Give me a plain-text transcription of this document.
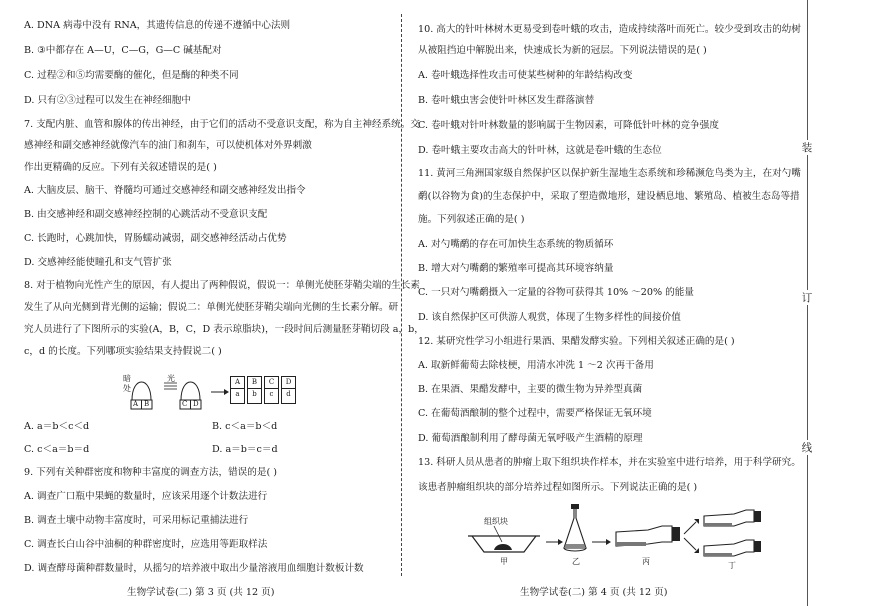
A. DNA 病毒中没有 RNA，其遗传信息的传递不遵循中心法则
B. ③中都存在 A—U，C—G，G—C 碱基配对
C. 过程②和⑤均需要酶的催化，但是酶的种类不同
D. 只有②③过程可以发生在神经细胞中
7. 支配内脏、血管和腺体的传出神经，由于它们的活动不受意识支配，称为自主神经系统。交
感神经和副交感神经就像汽车的油门和刹车，可以使机体对外界刺激
作出更精确的反应。下列有关叙述错误的是( )
A. 大脑皮层、脑干、脊髓均可通过交感神经和副交感神经发出指令
B. 由交感神经和副交感神经控制的心跳活动不受意识支配
C. 长跑时，心跳加快，胃肠蠕动减弱，副交感神经活动占优势
D. 交感神经能使瞳孔和支气管扩张
8. 对于植物向光性产生的原因，有人提出了两种假说，假说一：单侧光使胚芽鞘尖端的生长素
发生了从向光侧到背光侧的运输；假说二：单侧光使胚芽鞘尖端向光侧的生长素分解。研
究人员进行了下图所示的实验(A，B，C，D 表示琼脂块)，一段时间后测量胚芽鞘切段 a，b，
c，d 的长度。下列哪项实验结果支持假说二( )
暗
处
光
A B	C D
A
a
B
b
C
c
D
d
A. a＝b＜c＜d	B. c＜a＝b＜d
C. c＜a＝b＝d	D. a＝b＝c＝d
9. 下列有关种群密度和物种丰富度的调查方法，错误的是( )
A. 调查广口瓶中果蝇的数量时，应该采用逐个计数法进行
B. 调查土壤中动物丰富度时，可采用标记重捕法进行
C. 调查长白山谷中油桐的种群密度时，应选用等距取样法
D. 调查酵母菌种群数量时，从摇匀的培养液中取出少量溶液用血细胞计数板计数
生物学试卷(二) 第 3 页 (共 12 页)
10. 高大的针叶林树木更易受到卷叶蛾的攻击，造成持续落叶而死亡。较少受到攻击的幼树
从被阻挡迫中解脱出来，快速成长为新的冠层。下列说法错误的是( )
A. 卷叶蛾选择性攻击可使某些树种的年龄结构改变
B. 卷叶蛾虫害会使针叶林区发生群落演替
C. 卷叶蛾对针叶林数量的影响属于生物因素，可降低针叶林的竞争强度
D. 卷叶蛾主要攻击高大的针叶林，这就是卷叶蛾的生态位
11. 黄河三角洲国家级自然保护区以保护新生湿地生态系统和珍稀濒危鸟类为主，在对勺嘴
鹬(以谷物为食)的生态保护中，采取了塑造微地形，建设栖息地、繁殖岛、植被生态岛等措
施。下列叙述正确的是( )
A. 对勺嘴鹬的存在可加快生态系统的物质循环
B. 增大对勺嘴鹬的繁殖率可提高其环境容纳量
C. 一只对勺嘴鹬摄入一定量的谷物可获得其 10% ～20% 的能量
D. 该自然保护区可供游人观赏，体现了生物多样性的间接价值
12. 某研究性学习小组进行果酒、果醋发酵实验。下列相关叙述正确的是( )
A. 取新鲜葡萄去除枝梗，用清水冲洗 1 ～2 次再干备用
B. 在果酒、果醋发酵中，主要的微生物为异养型真菌
C. 在葡萄酒酿制的整个过程中，需要严格保证无氧环境
D. 葡萄酒酿制利用了酵母菌无氧呼吸产生酒精的原理
13. 科研人员从患者的肿瘤上取下组织块作样本，并在实验室中进行培养，用于科学研究。
该患者肿瘤组织块的部分培养过程如图所示。下列说法正确的是( )
组织块
甲	乙	丙	丁
生物学试卷(二) 第 4 页 (共 12 页)
装
订
线
